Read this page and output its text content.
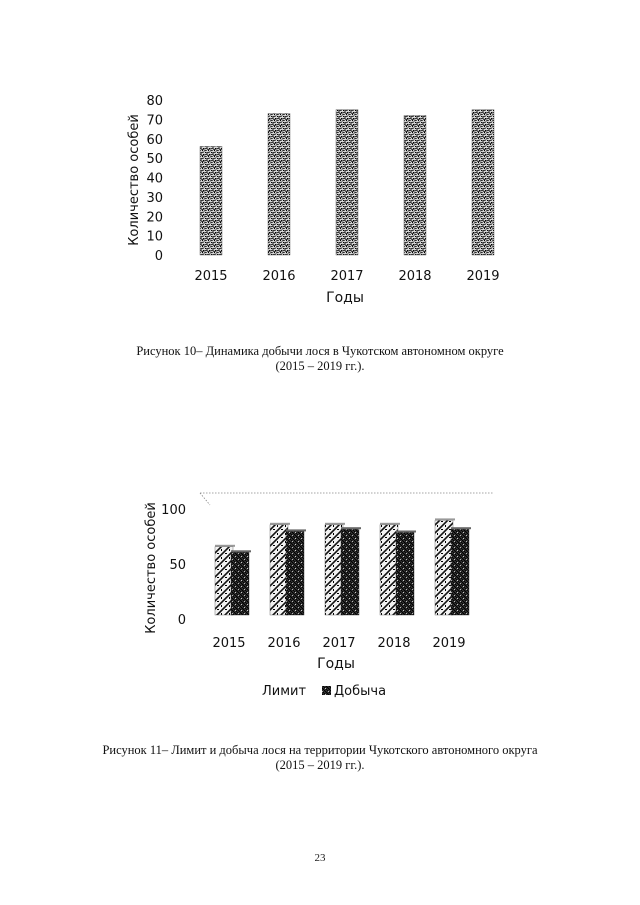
0
10
20
30
40
50
60
70
80
2015	2016	2017	2018	2019
Годы
Количество особей
Рисунок 10– Динамика добычи лося в Чукотском автономном округе
(2015 – 2019 гг.).
0
50
100
2015 2016 2017 2018 2019
Годы
Количество особей
Лимит Добыча
Рисунок 11– Лимит и добыча лося на территории Чукотского автономного округа
(2015 – 2019 гг.).
23
